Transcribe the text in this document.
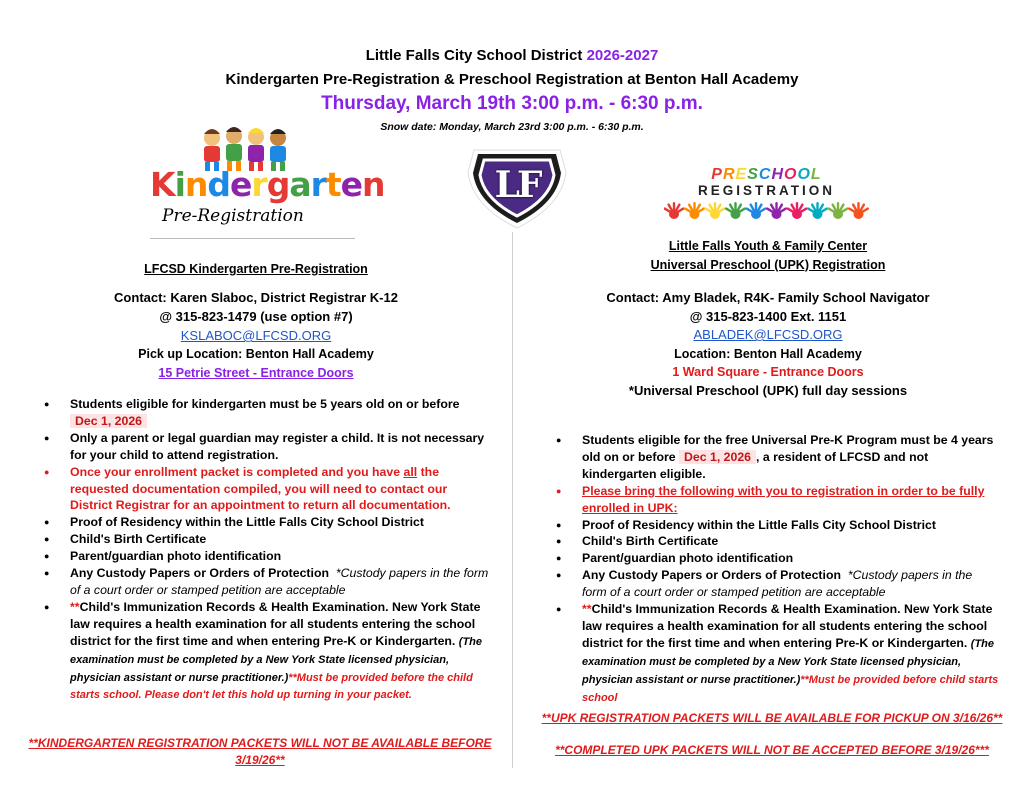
Little Falls City School District 2026-2027
Kindergarten Pre-Registration & Preschool Registration at Benton Hall Academy
Thursday, March 19th 3:00 p.m. - 6:30 p.m.
Snow date: Monday, March 23rd 3:00 p.m. - 6:30 p.m.
Kindergarten
Pre-Registration
LF	PRESCHOOL
REGISTRATION
LFCSD Kindergarten Pre-Registration
Contact: Karen Slaboc, District Registrar K-12
@ 315-823-1479 (use option #7)
KSLABOC@LFCSD.ORG
Pick up Location: Benton Hall Academy
15 Petrie Street - Entrance Doors
● Students eligible for kindergarten must be 5 years old on or before
Dec 1, 2026
● Only a parent or legal guardian may register a child. It is not necessary for your child to attend registration.
● Once your enrollment packet is completed and you have all the requested documentation compiled, you will need to contact our District Registrar for an appointment to return all documentation.
● Proof of Residency within the Little Falls City School District
● Child's Birth Certificate
● Parent/guardian photo identification
● Any Custody Papers or Orders of Protection *Custody papers in the form of a court order or stamped petition are acceptable
● **Child's Immunization Records & Health Examination. New York State law requires a health examination for all students entering the school district for the first time and when entering Pre-K or Kindergarten. (The examination must be completed by a New York State licensed physician, physician assistant or nurse practitioner.)**Must be provided before the child starts school. Please don't let this hold up turning in your packet.
**KINDERGARTEN REGISTRATION PACKETS WILL NOT BE AVAILABLE BEFORE 3/19/26**
Little Falls Youth & Family Center
Universal Preschool (UPK) Registration
Contact: Amy Bladek, R4K- Family School Navigator
@ 315-823-1400 Ext. 1151
ABLADEK@LFCSD.ORG
Location: Benton Hall Academy
1 Ward Square - Entrance Doors
*Universal Preschool (UPK) full day sessions
● Students eligible for the free Universal Pre-K Program must be 4 years old on or before Dec 1, 2026 , a resident of LFCSD and not kindergarten eligible.
● Please bring the following with you to registration in order to be fully enrolled in UPK:
● Proof of Residency within the Little Falls City School District
● Child's Birth Certificate
● Parent/guardian photo identification
● Any Custody Papers or Orders of Protection *Custody papers in the form of a court order or stamped petition are acceptable
● **Child's Immunization Records & Health Examination. New York State law requires a health examination for all students entering the school district for the first time and when entering Pre-K or Kindergarten. (The examination must be completed by a New York State licensed physician, physician assistant or nurse practitioner.)**Must be provided before child starts school
**UPK REGISTRATION PACKETS WILL BE AVAILABLE FOR PICKUP ON 3/16/26**
**COMPLETED UPK PACKETS WILL NOT BE ACCEPTED BEFORE 3/19/26***
